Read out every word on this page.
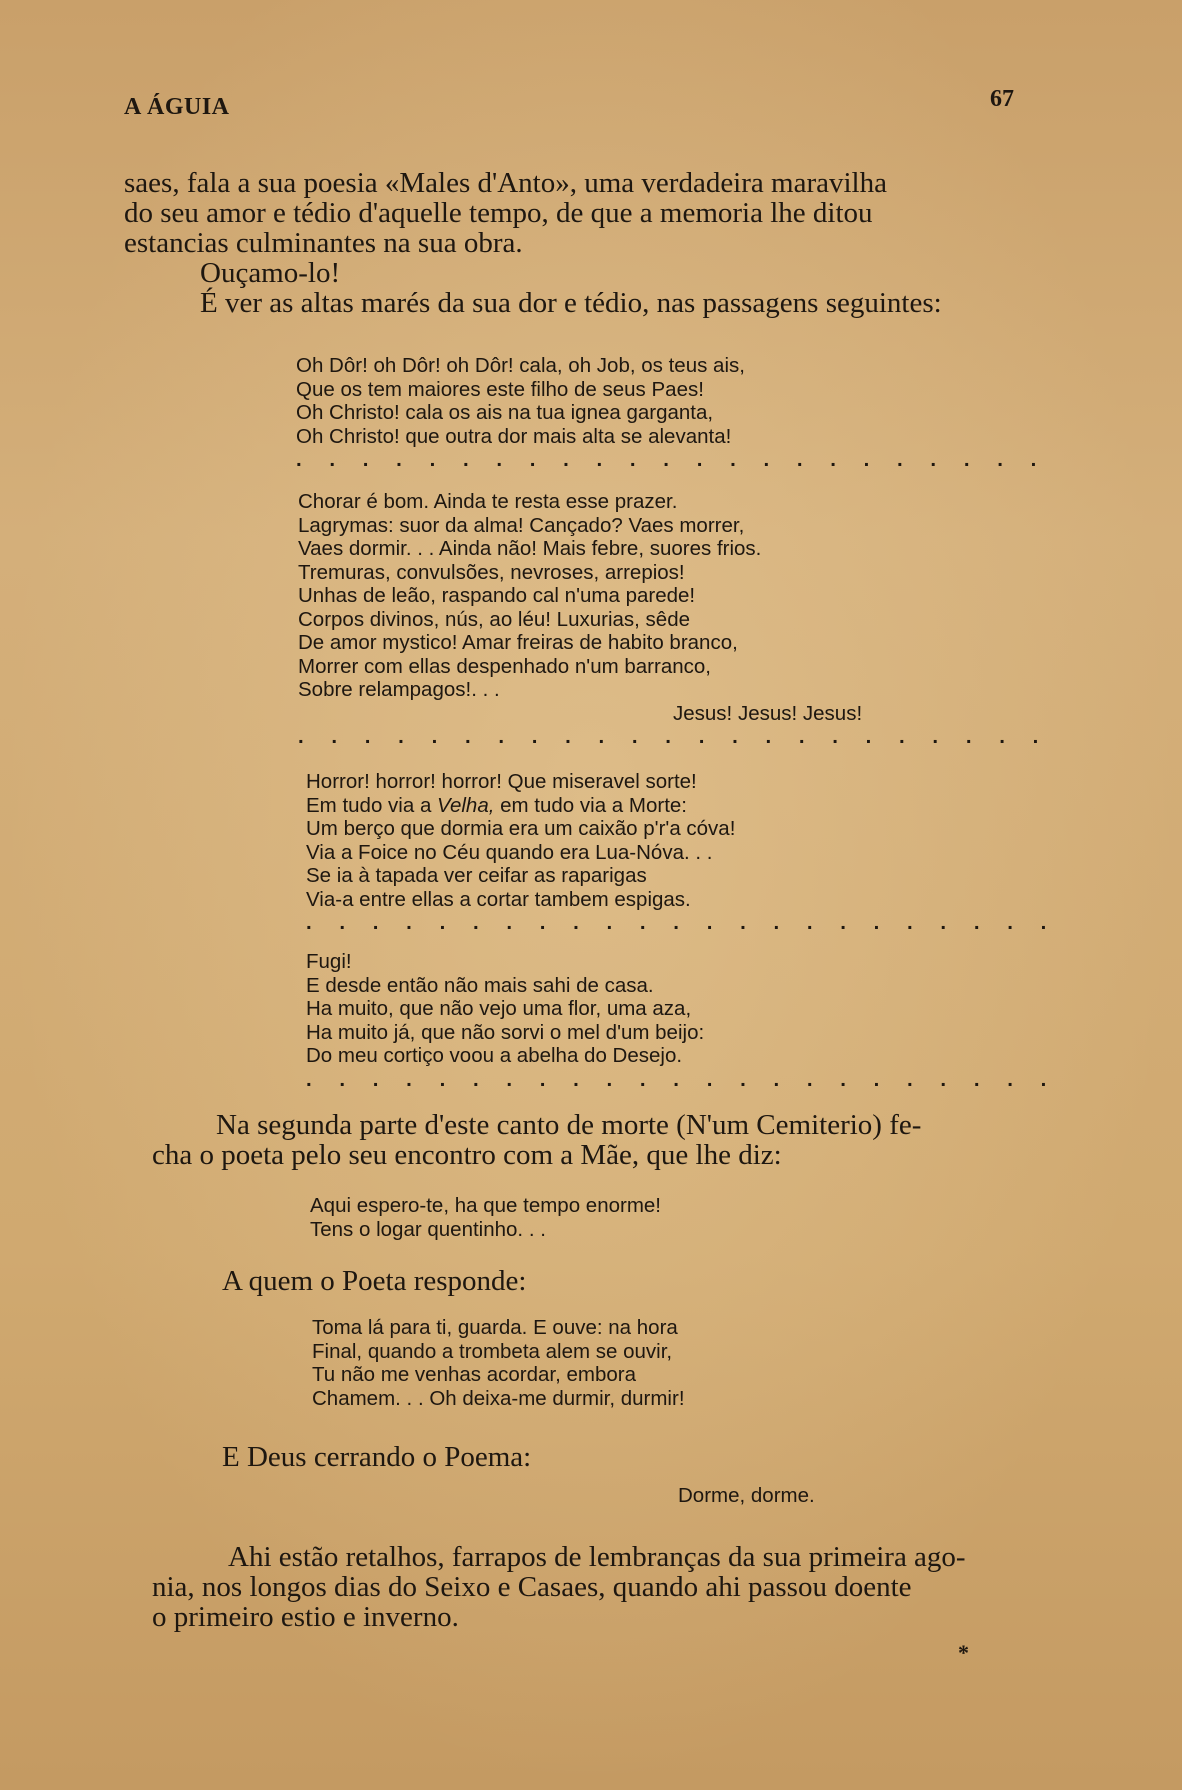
A ÁGUIA	67
saes, fala a sua poesia «Males d'Anto», uma verdadeira maravilha
do seu amor e tédio d'aquelle tempo, de que a memoria lhe ditou
estancias culminantes na sua obra.
Ouçamo-lo!
É ver as altas marés da sua dor e tédio, nas passagens seguintes:
Oh Dôr! oh Dôr! oh Dôr! cala, oh Job, os teus ais,
Que os tem maiores este filho de seus Paes!
Oh Christo! cala os ais na tua ignea garganta,
Oh Christo! que outra dor mais alta se alevanta!
. . . . . . . . . . . . . . . . . . . . . . .
Chorar é bom. Ainda te resta esse prazer.
Lagrymas: suor da alma! Cançado? Vaes morrer,
Vaes dormir. . . Ainda não! Mais febre, suores frios.
Tremuras, convulsões, nevroses, arrepios!
Unhas de leão, raspando cal n'uma parede!
Corpos divinos, nús, ao léu! Luxurias, sêde
De amor mystico! Amar freiras de habito branco,
Morrer com ellas despenhado n'um barranco,
Sobre relampagos!. . .
Jesus! Jesus! Jesus!
. . . . . . . . . . . . . . . . . . . . . . .
Horror! horror! horror! Que miseravel sorte!
Em tudo via a Velha, em tudo via a Morte:
Um berço que dormia era um caixão p'r'a cóva!
Via a Foice no Céu quando era Lua-Nóva. . .
Se ia à tapada ver ceifar as raparigas
Via-a entre ellas a cortar tambem espigas.
. . . . . . . . . . . . . . . . . . . . . . .
Fugi!
E desde então não mais sahi de casa.
Ha muito, que não vejo uma flor, uma aza,
Ha muito já, que não sorvi o mel d'um beijo:
Do meu cortiço voou a abelha do Desejo.
. . . . . . . . . . . . . . . . . . . . . . .
Na segunda parte d'este canto de morte (N'um Cemiterio) fe-
cha o poeta pelo seu encontro com a Mãe, que lhe diz:
Aqui espero-te, ha que tempo enorme!
Tens o logar quentinho. . .
A quem o Poeta responde:
Toma lá para ti, guarda. E ouve: na hora
Final, quando a trombeta alem se ouvir,
Tu não me venhas acordar, embora
Chamem. . . Oh deixa-me durmir, durmir!
E Deus cerrando o Poema:
Dorme, dorme.
Ahi estão retalhos, farrapos de lembranças da sua primeira ago-
nia, nos longos dias do Seixo e Casaes, quando ahi passou doente
o primeiro estio e inverno.
*
